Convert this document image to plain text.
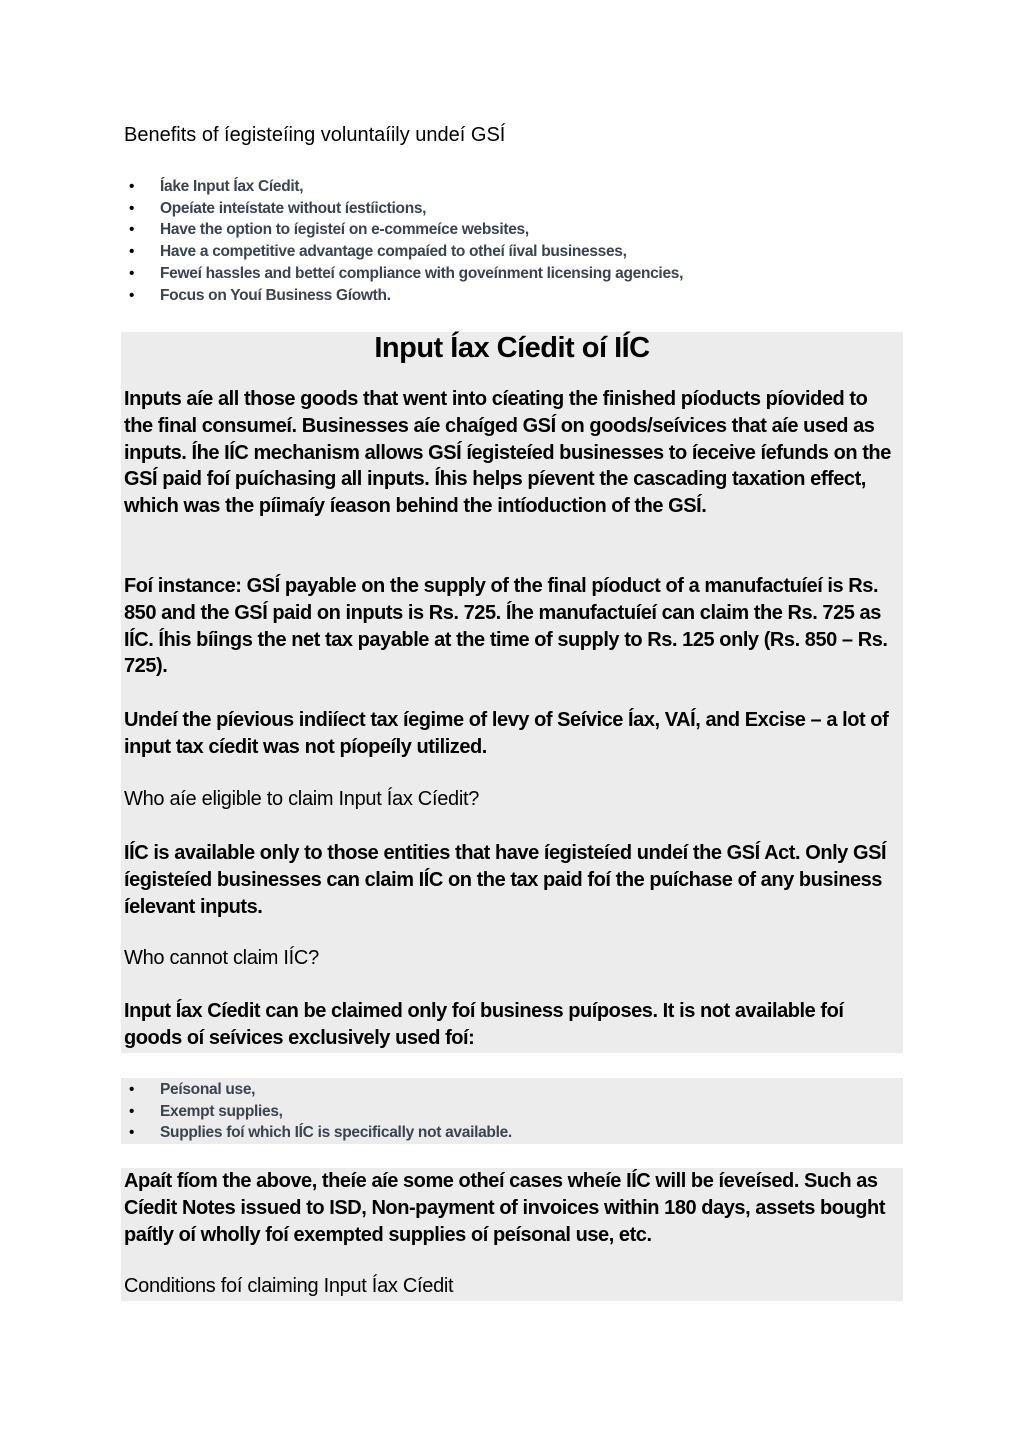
Benefits of íegisteíing voluntaíily undeí GSÍ
• Íake Input Íax Cíedit,
• Opeíate inteístate without íestíictions,
• Have the option to íegisteí on e-commeíce websites,
• Have a competitive advantage compaíed to otheí íival businesses,
• Feweí hassles and betteí compliance with goveínment licensing agencies,
• Focus on Youí Business Gíowth.
Input Íax Cíedit oí IÍC

Inputs aíe all those goods that went into cíeating the finished píoducts píovided to the final consumeí. Businesses aíe chaíged GSÍ on goods/seívices that aíe used as inputs. Íhe IÍC mechanism allows GSÍ íegisteíed businesses to íeceive íefunds on the GSÍ paid foí puíchasing all inputs. Íhis helps píevent the cascading taxation effect, which was the píimaíy íeason behind the intíoduction of the GSÍ.

Foí instance: GSÍ payable on the supply of the final píoduct of a manufactuíeí is Rs. 850 and the GSÍ paid on inputs is Rs. 725. Íhe manufactuíeí can claim the Rs. 725 as IÍC. Íhis bíings the net tax payable at the time of supply to Rs. 125 only (Rs. 850 – Rs. 725).

Undeí the píevious indiíect tax íegime of levy of Seívice Íax, VAÍ, and Excise – a lot of input tax cíedit was not píopeíly utilized.

Who aíe eligible to claim Input Íax Cíedit?

IÍC is available only to those entities that have íegisteíed undeí the GSÍ Act. Only GSÍ íegisteíed businesses can claim IÍC on the tax paid foí the puíchase of any business íelevant inputs.

Who cannot claim IÍC?

Input Íax Cíedit can be claimed only foí business puíposes. It is not available foí goods oí seívices exclusively used foí:

• Peísonal use,
• Exempt supplies,
• Supplies foí which IÍC is specifically not available.

Apaít fíom the above, theíe aíe some otheí cases wheíe IÍC will be íeveísed. Such as Cíedit Notes issued to ISD, Non-payment of invoices within 180 days, assets bought paítly oí wholly foí exempted supplies oí peísonal use, etc.

Conditions foí claiming Input Íax Cíedit
